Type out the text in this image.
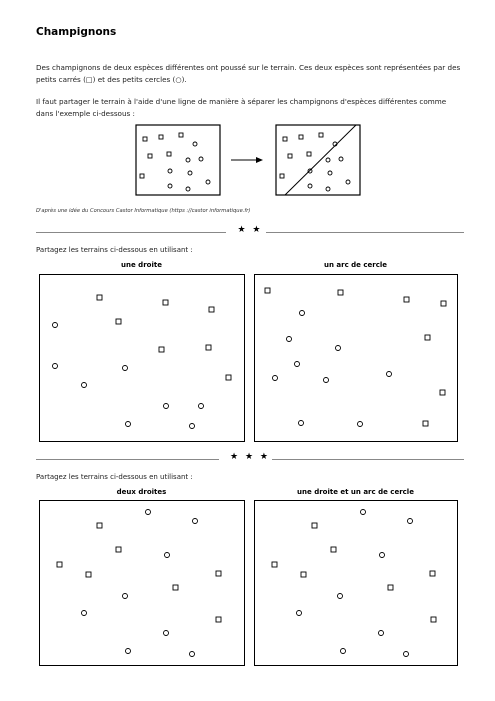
Champignons
Des champignons de deux espèces différentes ont poussé sur le terrain. Ces deux espèces sont représentées par des petits carrés (□) et des petits cercles (○).
Il faut partager le terrain à l'aide d'une ligne de manière à séparer les champignons d'espèces différentes comme dans l'exemple ci-dessous :
D'après une idée du Concours Castor Informatique (https ://castor informatique.fr)
★ ★
Partagez les terrains ci-dessous en utilisant :
une droite	un arc de cercle
★ ★ ★
Partagez les terrains ci-dessous en utilisant :
deux droites	une droite et un arc de cercle
